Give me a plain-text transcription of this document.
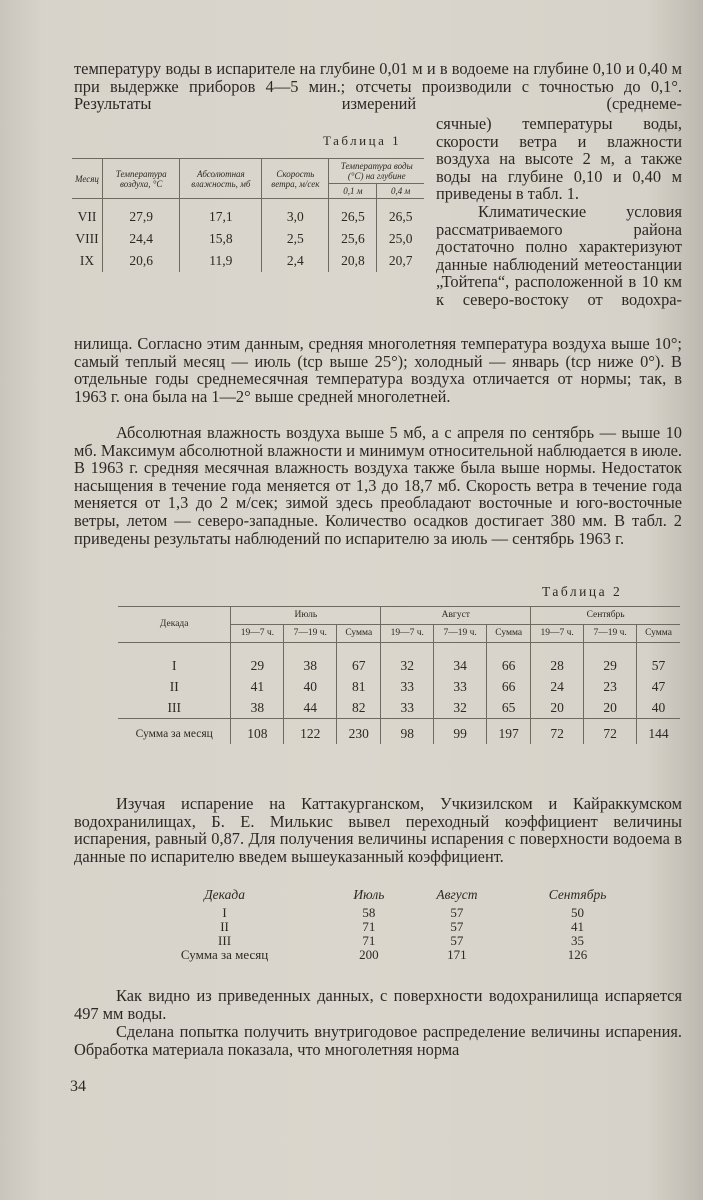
температуру воды в испарителе на глубине 0,01 м и в водоеме на глубине 0,10 и 0,40 м при выдержке приборов 4—5 мин.; отсчеты производили с точностью до 0,1°. Результаты измерений (среднеме-

Таблица 1
Месяц	Температура воздуха, °С	Абсолютная влажность, мб	Скорость ветра, м/сек	Температура воды (°С) на глубине	
				0,1 м	0,4 м
VII	27,9	17,1	3,0	26,5	26,5
VIII	24,4	15,8	2,5	25,6	25,0
IX	20,6	11,9	2,4	20,8	20,7

сячные) температуры воды, скорости ветра и влажности воздуха на высоте 2 м, а также воды на глубине 0,10 и 0,40 м приведены в табл. 1.

Климатические условия рассматриваемого района достаточно полно характеризуют данные наблюдений метеостанции „Тойтепа“, расположенной в 10 км к северо-востоку от водохра-

нилища. Согласно этим данным, средняя многолетняя температура воздуха выше 10°; самый теплый месяц — июль (tср выше 25°); холодный — январь (tср ниже 0°). В отдельные годы среднемесячная температура воздуха отличается от нормы; так, в 1963 г. она была на 1—2° выше средней многолетней.

Абсолютная влажность воздуха выше 5 мб, а с апреля по сентябрь — выше 10 мб. Максимум абсолютной влажности и минимум относительной наблюдается в июле. В 1963 г. средняя месячная влажность воздуха также была выше нормы. Недостаток насыщения в течение года меняется от 1,3 до 18,7 мб. Скорость ветра в течение года меняется от 1,3 до 2 м/сек; зимой здесь преобладают восточные и юго-восточные ветры, летом — северо-западные. Количество осадков достигает 380 мм. В табл. 2 приведены результаты наблюдений по испарителю за июль — сентябрь 1963 г.

Таблица 2
Декада	Июль			Август			Сентябрь		
	19—7 ч.	7—19 ч.	Сумма	19—7 ч.	7—19 ч.	Сумма	19—7 ч.	7—19 ч.	Сумма
I	29	38	67	32	34	66	28	29	57
II	41	40	81	33	33	66	24	23	47
III	38	44	82	33	32	65	20	20	40
Сумма за месяц	108	122	230	98	99	197	72	72	144

Изучая испарение на Каттакурганском, Учкизилском и Кайраккумском водохранилищах, Б. Е. Милькис вывел переходный коэффициент величины испарения, равный 0,87. Для получения величины испарения с поверхности водоема в данные по испарителю введем вышеуказанный коэффициент.

Декада	Июль	Август	Сентябрь
I	58	57	50
II	71	57	41
III	71	57	35
Сумма за месяц	200	171	126

Как видно из приведенных данных, с поверхности водохранилища испаряется 497 мм воды.

Сделана попытка получить внутригодовое распределение величины испарения. Обработка материала показала, что многолетняя норма

34
